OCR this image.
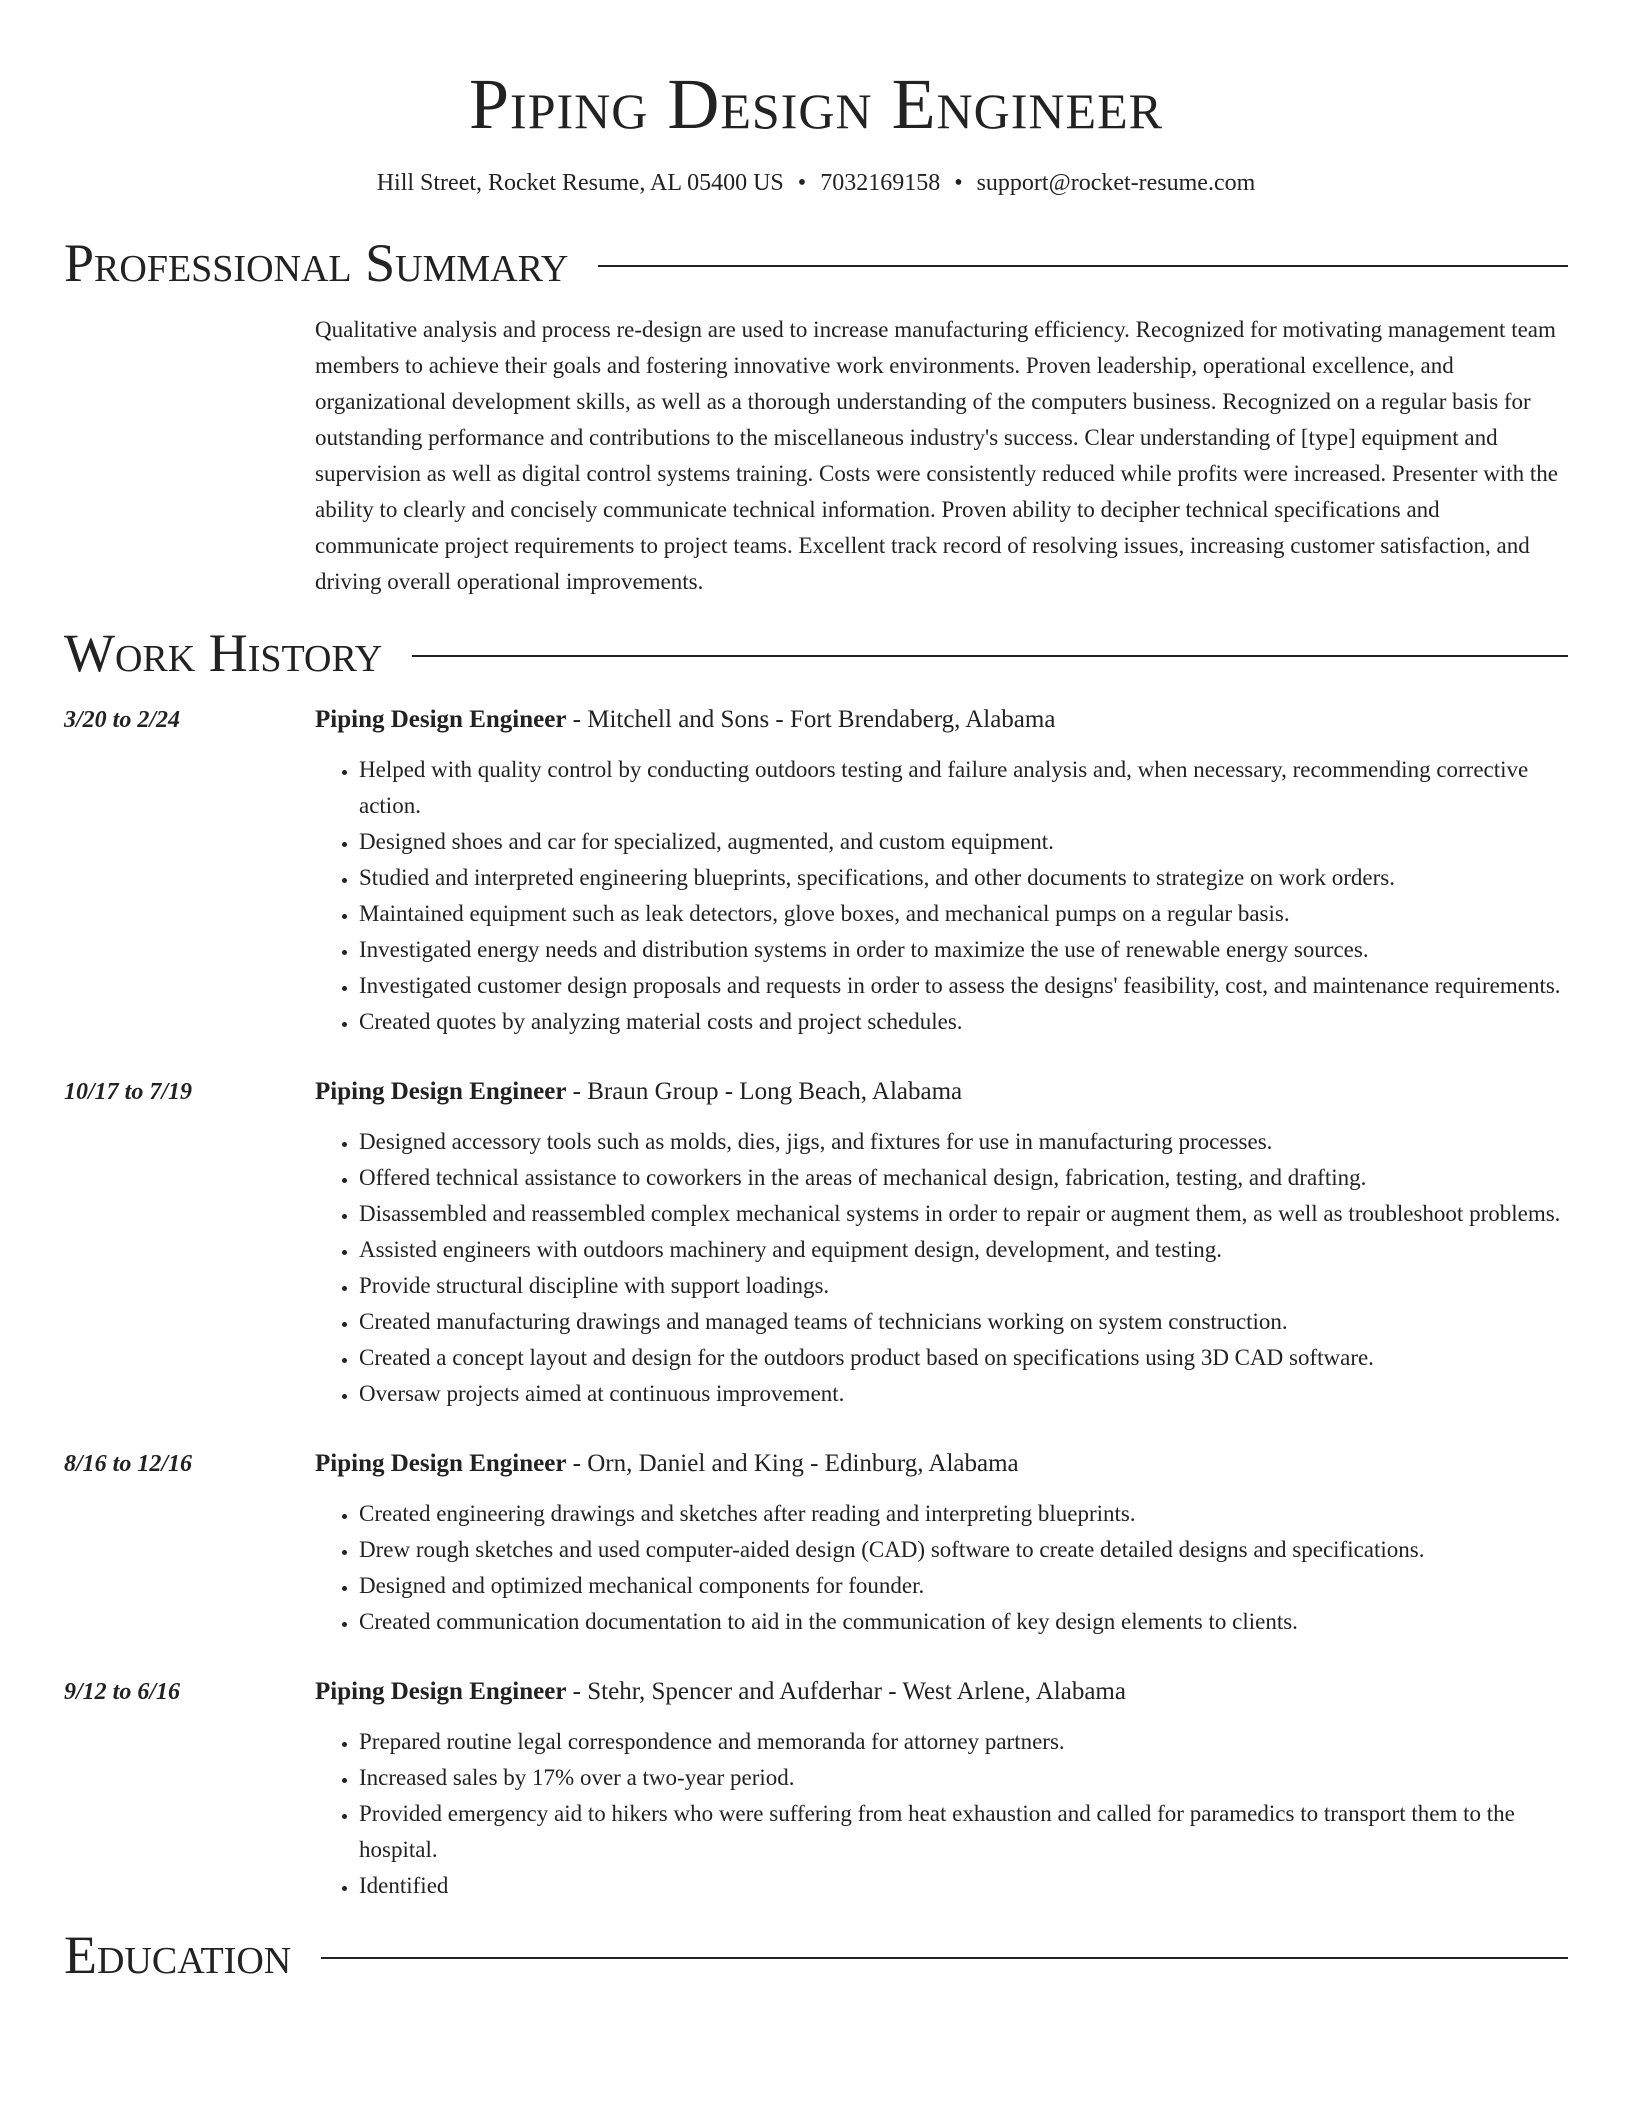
Piping Design Engineer
Hill Street, Rocket Resume, AL 05400 US • 7032169158 • support@rocket-resume.com
Professional Summary
Qualitative analysis and process re-design are used to increase manufacturing efficiency. Recognized for motivating management team members to achieve their goals and fostering innovative work environments. Proven leadership, operational excellence, and organizational development skills, as well as a thorough understanding of the computers business. Recognized on a regular basis for outstanding performance and contributions to the miscellaneous industry's success. Clear understanding of [type] equipment and supervision as well as digital control systems training. Costs were consistently reduced while profits were increased. Presenter with the ability to clearly and concisely communicate technical information. Proven ability to decipher technical specifications and communicate project requirements to project teams. Excellent track record of resolving issues, increasing customer satisfaction, and driving overall operational improvements.
Work History
3/20 to 2/24	Piping Design Engineer - Mitchell and Sons - Fort Brendaberg, Alabama
• Helped with quality control by conducting outdoors testing and failure analysis and, when necessary, recommending corrective action.
• Designed shoes and car for specialized, augmented, and custom equipment.
• Studied and interpreted engineering blueprints, specifications, and other documents to strategize on work orders.
• Maintained equipment such as leak detectors, glove boxes, and mechanical pumps on a regular basis.
• Investigated energy needs and distribution systems in order to maximize the use of renewable energy sources.
• Investigated customer design proposals and requests in order to assess the designs' feasibility, cost, and maintenance requirements.
• Created quotes by analyzing material costs and project schedules.
10/17 to 7/19	Piping Design Engineer - Braun Group - Long Beach, Alabama
• Designed accessory tools such as molds, dies, jigs, and fixtures for use in manufacturing processes.
• Offered technical assistance to coworkers in the areas of mechanical design, fabrication, testing, and drafting.
• Disassembled and reassembled complex mechanical systems in order to repair or augment them, as well as troubleshoot problems.
• Assisted engineers with outdoors machinery and equipment design, development, and testing.
• Provide structural discipline with support loadings.
• Created manufacturing drawings and managed teams of technicians working on system construction.
• Created a concept layout and design for the outdoors product based on specifications using 3D CAD software.
• Oversaw projects aimed at continuous improvement.
8/16 to 12/16	Piping Design Engineer - Orn, Daniel and King - Edinburg, Alabama
• Created engineering drawings and sketches after reading and interpreting blueprints.
• Drew rough sketches and used computer-aided design (CAD) software to create detailed designs and specifications.
• Designed and optimized mechanical components for founder.
• Created communication documentation to aid in the communication of key design elements to clients.
9/12 to 6/16	Piping Design Engineer - Stehr, Spencer and Aufderhar - West Arlene, Alabama
• Prepared routine legal correspondence and memoranda for attorney partners.
• Increased sales by 17% over a two-year period.
• Provided emergency aid to hikers who were suffering from heat exhaustion and called for paramedics to transport them to the hospital.
• Identified
Education
